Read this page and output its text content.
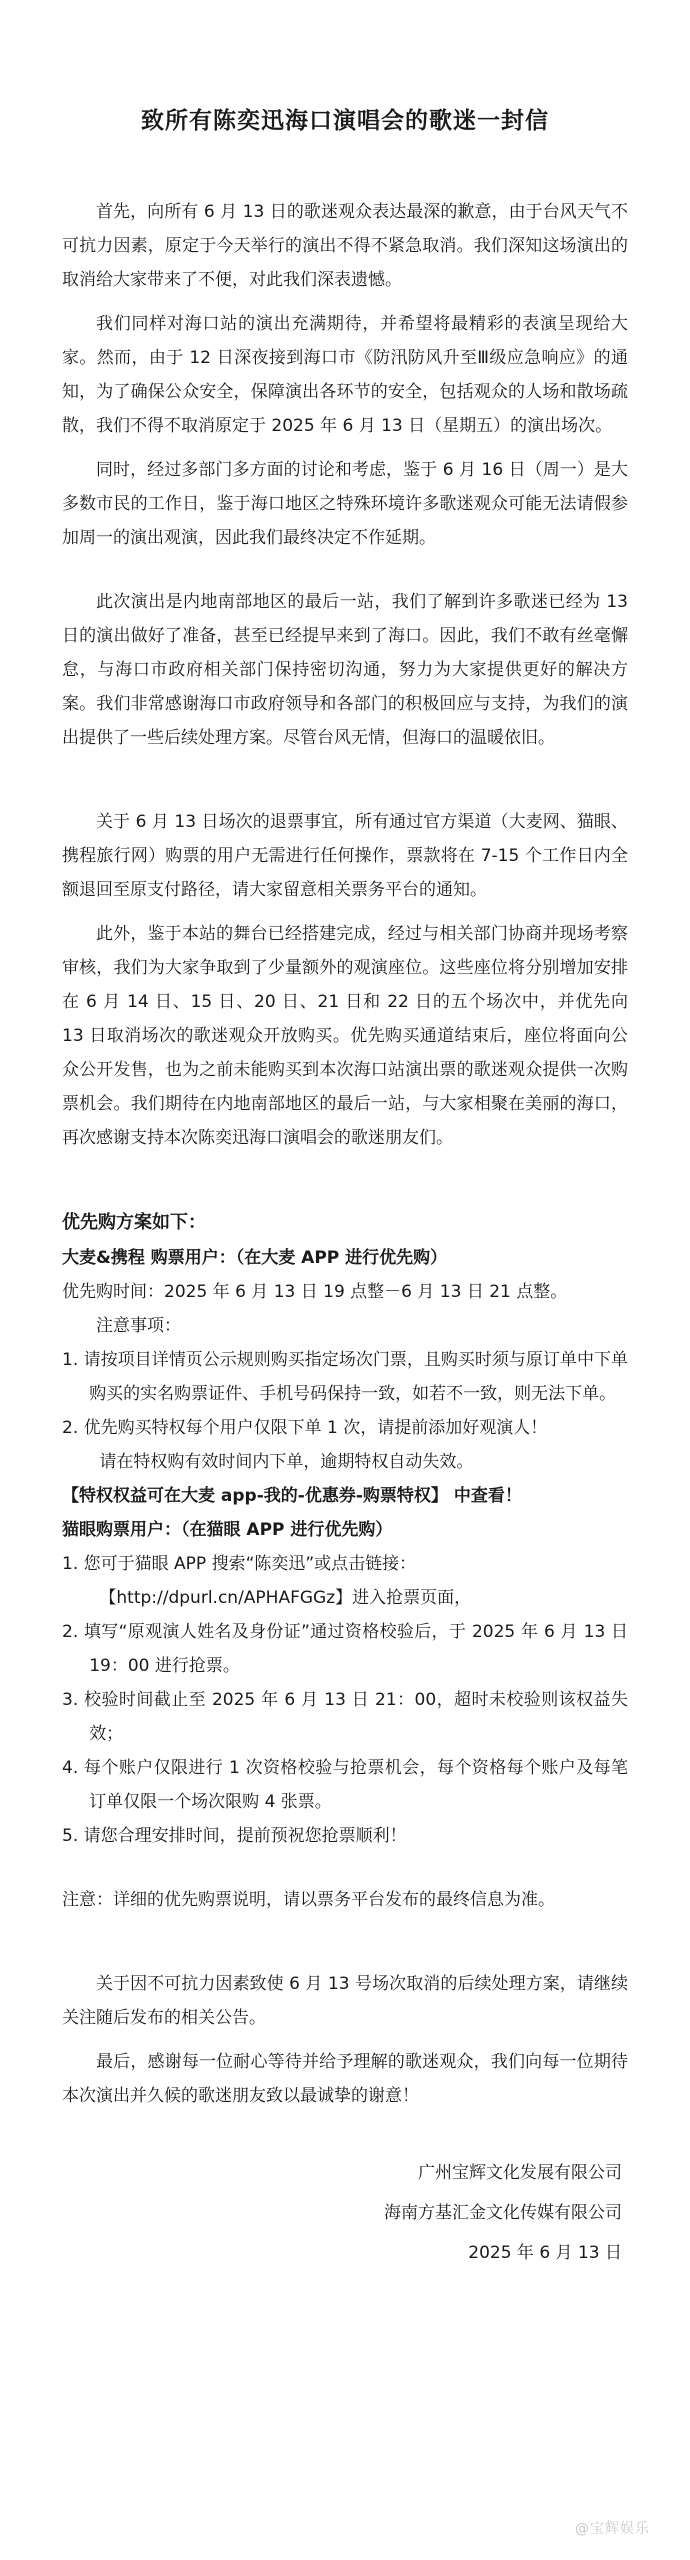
致所有陈奕迅海口演唱会的歌迷一封信

首先，向所有 6 月 13 日的歌迷观众表达最深的歉意，由于台风天气不可抗力因素，原定于今天举行的演出不得不紧急取消。我们深知这场演出的取消给大家带来了不便，对此我们深表遗憾。

我们同样对海口站的演出充满期待，并希望将最精彩的表演呈现给大家。然而，由于 12 日深夜接到海口市《防汛防风升至Ⅲ级应急响应》的通知，为了确保公众安全，保障演出各环节的安全，包括观众的人场和散场疏散，我们不得不取消原定于 2025 年 6 月 13 日（星期五）的演出场次。

同时，经过多部门多方面的讨论和考虑，鉴于 6 月 16 日（周一）是大多数市民的工作日，鉴于海口地区之特殊环境许多歌迷观众可能无法请假参加周一的演出观演，因此我们最终决定不作延期。

此次演出是内地南部地区的最后一站，我们了解到许多歌迷已经为 13 日的演出做好了准备，甚至已经提早来到了海口。因此，我们不敢有丝毫懈怠，与海口市政府相关部门保持密切沟通，努力为大家提供更好的解决方案。我们非常感谢海口市政府领导和各部门的积极回应与支持，为我们的演出提供了一些后续处理方案。尽管台风无情，但海口的温暖依旧。

关于 6 月 13 日场次的退票事宜，所有通过官方渠道（大麦网、猫眼、携程旅行网）购票的用户无需进行任何操作，票款将在 7-15 个工作日内全额退回至原支付路径，请大家留意相关票务平台的通知。

此外，鉴于本站的舞台已经搭建完成，经过与相关部门协商并现场考察审核，我们为大家争取到了少量额外的观演座位。这些座位将分别增加安排在 6 月 14 日、15 日、20 日、21 日和 22 日的五个场次中，并优先向 13 日取消场次的歌迷观众开放购买。优先购买通道结束后，座位将面向公众公开发售，也为之前未能购买到本次海口站演出票的歌迷观众提供一次购票机会。我们期待在内地南部地区的最后一站，与大家相聚在美丽的海口，再次感谢支持本次陈奕迅海口演唱会的歌迷朋友们。

优先购方案如下：

大麦&携程 购票用户：（在大麦 APP 进行优先购）

优先购时间：2025 年 6 月 13 日 19 点整－6 月 13 日 21 点整。

注意事项：

1. 请按项目详情页公示规则购买指定场次门票，且购买时须与原订单中下单购买的实名购票证件、手机号码保持一致，如若不一致，则无法下单。
2. 优先购买特权每个用户仅限下单 1 次，请提前添加好观演人！

请在特权购有效时间内下单，逾期特权自动失效。

【特权权益可在大麦 app-我的-优惠券-购票特权】 中查看！

猫眼购票用户：（在猫眼 APP 进行优先购）

1. 您可于猫眼 APP 搜索“陈奕迅”或点击链接：

【http://dpurl.cn/APHAFGGz】进入抢票页面，

2. 填写“原观演人姓名及身份证”通过资格校验后，于 2025 年 6 月 13 日 19：00 进行抢票。
3. 校验时间截止至 2025 年 6 月 13 日 21：00，超时未校验则该权益失效；
4. 每个账户仅限进行 1 次资格校验与抢票机会，每个资格每个账户及每笔订单仅限一个场次限购 4 张票。
5. 请您合理安排时间，提前预祝您抢票顺利！

注意：详细的优先购票说明，请以票务平台发布的最终信息为准。

关于因不可抗力因素致使 6 月 13 号场次取消的后续处理方案，请继续关注随后发布的相关公告。

最后，感谢每一位耐心等待并给予理解的歌迷观众，我们向每一位期待本次演出并久候的歌迷朋友致以最诚挚的谢意！

广州宝辉文化发展有限公司
海南方基汇金文化传媒有限公司
2025 年 6 月 13 日
@宝辉娱乐
